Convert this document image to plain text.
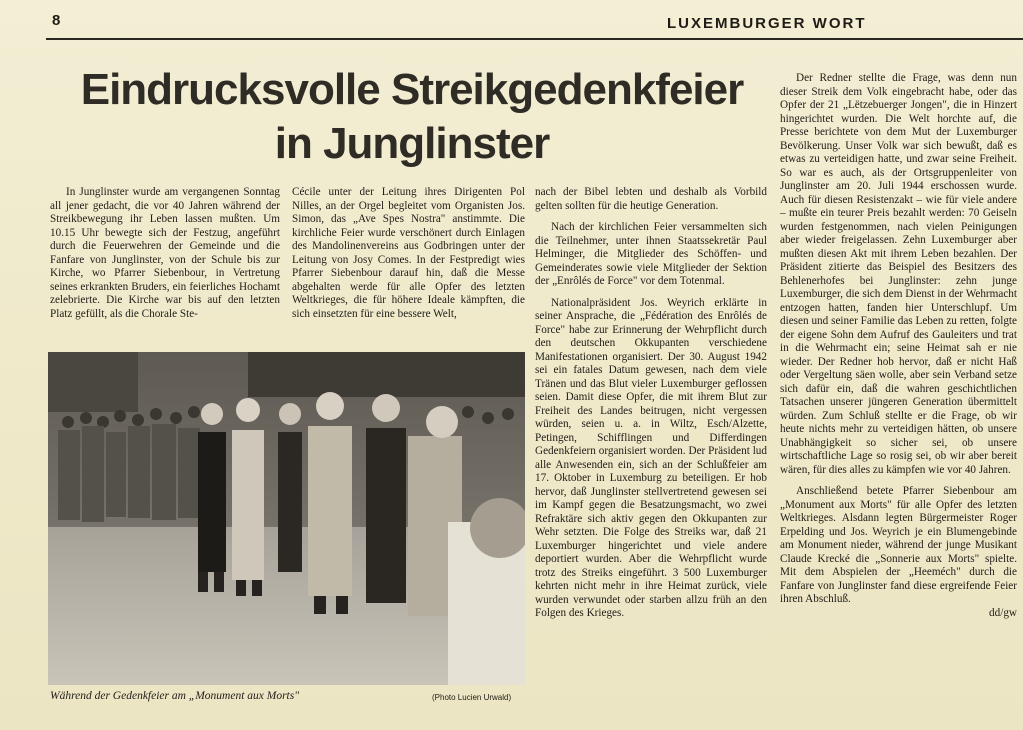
8	LUXEMBURGER WORT
Eindrucksvolle Streikgedenkfeier
in Junglinster

In Junglinster wurde am vergangenen Sonntag all jener gedacht, die vor 40 Jahren während der Streikbewegung ihr Leben lassen mußten. Um 10.15 Uhr bewegte sich der Festzug, angeführt durch die Feuerwehren der Gemeinde und die Fanfare von Junglinster, von der Schule bis zur Kirche, wo Pfarrer Siebenbour, in Vertretung seines erkrankten Bruders, ein feierliches Hochamt zelebrierte. Die Kirche war bis auf den letzten Platz gefüllt, als die Chorale Ste-

Cécile unter der Leitung ihres Dirigenten Pol Nilles, an der Orgel begleitet vom Organisten Jos. Simon, das „Ave Spes Nostra" anstimmte. Die kirchliche Feier wurde verschönert durch Einlagen des Mandolinenvereins aus Godbringen unter der Leitung von Josy Comes. In der Festpredigt wies Pfarrer Siebenbour darauf hin, daß die Messe abgehalten werde für alle Opfer des letzten Weltkrieges, die für höhere Ideale kämpften, die sich einsetzten für eine bessere Welt,

nach der Bibel lebten und deshalb als Vorbild gelten sollten für die heutige Generation.

Nach der kirchlichen Feier versammelten sich die Teilnehmer, unter ihnen Staatssekretär Paul Helminger, die Mitglieder des Schöffen- und Gemeinderates sowie viele Mitglieder der Sektion der „Enrôlés de Force" vor dem Totenmal.

Nationalpräsident Jos. Weyrich erklärte in seiner Ansprache, die „Fédération des Enrôlés de Force" habe zur Erinnerung der Wehrpflicht durch den deutschen Okkupanten verschiedene Manifestationen organisiert. Der 30. August 1942 sei ein fatales Datum gewesen, nach dem viele Tränen und das Blut vieler Luxemburger geflossen seien. Damit diese Opfer, die mit ihrem Blut zur Freiheit des Landes beitrugen, nicht vergessen würden, seien u. a. in Wiltz, Esch/Alzette, Petingen, Schifflingen und Differdingen Gedenkfeiern organisiert worden. Der Präsident lud alle Anwesenden ein, sich an der Schlußfeier am 17. Oktober in Luxemburg zu beteiligen. Er hob hervor, daß Junglinster stellvertretend gewesen sei im Kampf gegen die Besatzungsmacht, wo zwei Refraktäre sich aktiv gegen den Okkupanten zur Wehr setzten. Die Folge des Streiks war, daß 21 Luxemburger hingerichtet und viele andere deportiert wurden. Aber die Wehrpflicht wurde trotz des Streiks eingeführt. 3 500 Luxemburger kehrten nicht mehr in ihre Heimat zurück, viele wurden verwundet oder starben allzu früh an den Folgen des Krieges.

Der Redner stellte die Frage, was denn nun dieser Streik dem Volk eingebracht habe, oder das Opfer der 21 „Lëtzebuerger Jongen", die in Hinzert hingerichtet wurden. Die Welt horchte auf, die Presse berichtete von dem Mut der Luxemburger Bevölkerung. Unser Volk war sich bewußt, daß es etwas zu verteidigen hatte, und zwar seine Freiheit. So war es auch, als der Ortsgruppenleiter von Junglinster am 20. Juli 1944 erschossen wurde. Auch für diesen Resistenzakt – wie für viele andere – mußte ein teurer Preis bezahlt werden: 70 Geiseln wurden festgenommen, nach vielen Peinigungen aber wieder freigelassen. Zehn Luxemburger aber mußten diesen Akt mit ihrem Leben bezahlen. Der Präsident zitierte das Beispiel des Besitzers des Behlenerhofes bei Junglinster: zehn junge Luxemburger, die sich dem Dienst in der Wehrmacht entzogen hatten, fanden hier Unterschlupf. Um diesen und seiner Familie das Leben zu retten, folgte der eigene Sohn dem Aufruf des Gauleiters und trat in die Wehrmacht ein; seine Heimat sah er nie wieder. Der Redner hob hervor, daß er nicht Haß oder Vergeltung säen wolle, aber sein Verband setze sich dafür ein, daß die wahren geschichtlichen Tatsachen unserer jüngeren Generation übermittelt würden. Zum Schluß stellte er die Frage, ob wir heute nichts mehr zu verteidigen hätten, ob unsere Unabhängigkeit so sicher sei, ob unsere wirtschaftliche Lage so rosig sei, ob wir aber bereit wären, für dies alles zu kämpfen wie vor 40 Jahren.

Anschließend betete Pfarrer Siebenbour am „Monument aux Morts" für alle Opfer des letzten Weltkrieges. Alsdann legten Bürgermeister Roger Erpelding und Jos. Weyrich je ein Blumengebinde am Monument nieder, während der junge Musikant Claude Krecké die „Sonnerie aux Morts" spielte. Mit dem Abspielen der „Heeméch" durch die Fanfare von Junglinster fand diese ergreifende Feier ihren Abschluß.

dd/gw
Während der Gedenkfeier am „Monument aux Morts"	(Photo Lucien Urwald)
